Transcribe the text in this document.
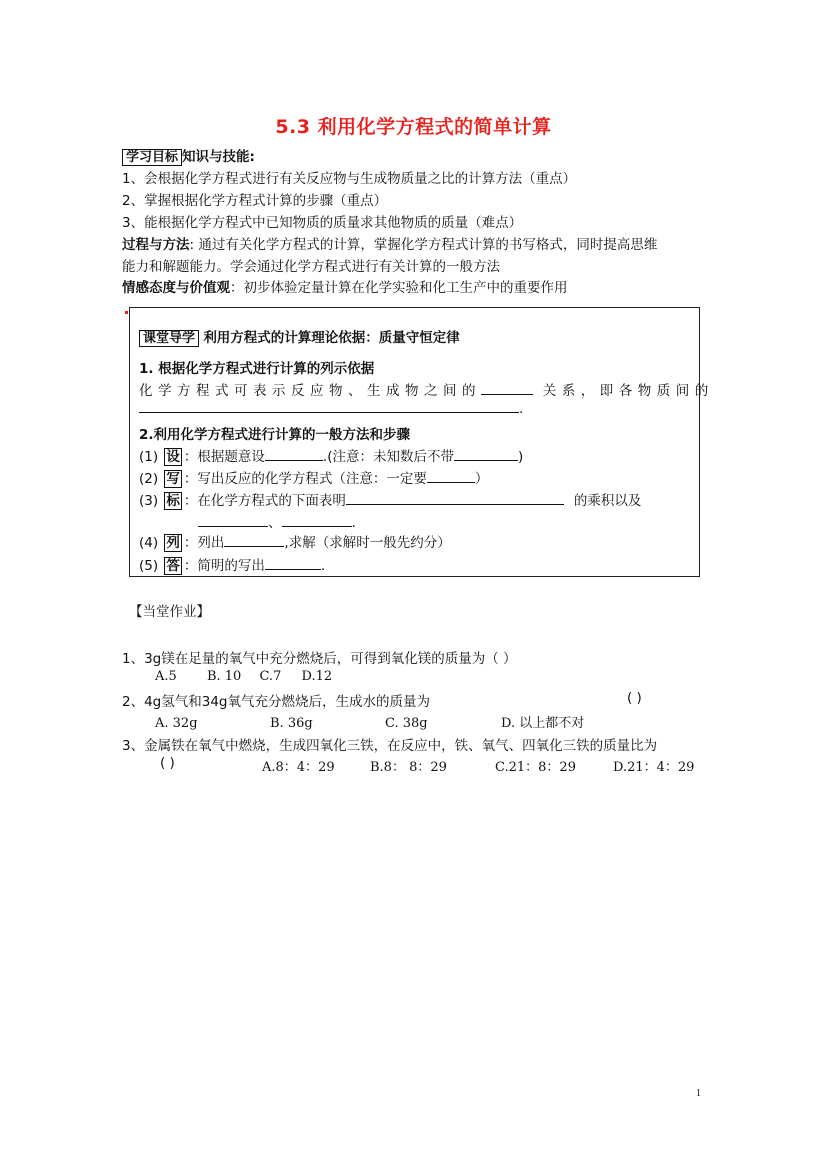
5.3 利用化学方程式的简单计算
学习目标 知识与技能:
1、会根据化学方程式进行有关反应物与生成物质量之比的计算方法（重点）
2、掌握根据化学方程式计算的步骤（重点）
3、能根据化学方程式中已知物质的质量求其他物质的质量（难点）
过程与方法: 通过有关化学方程式的计算，掌握化学方程式计算的书写格式，同时提高思维
能力和解题能力。学会通过化学方程式进行有关计算的一般方法
情感态度与价值观：初步体验定量计算在化学实验和化工生产中的重要作用
课堂导学 利用方程式的计算理论依据：质量守恒定律
1. 根据化学方程式进行计算的列示依据
化学方程式可表示反应物、生成物之间的	关系，即各物质间的
.
2.利用化学方程式进行计算的一般方法和步骤
(1) 设 ：根据题意设	.(注意：未知数后不带	)
(2) 写 ：写出反应的化学方程式（注意：一定要	）
(3) 标 ：在化学方程式的下面表明	的乘积以及
、	.
(4) 列 ：列出	,求解（求解时一般先约分）
(5) 答 ：简明的写出	.
【当堂作业】
1、3g镁在足量的氧气中充分燃烧后，可得到氧化镁的质量为（ ）
A.5 B. 10 C.7 D.12
2、4g氢气和34g氧气充分燃烧后，生成水的质量为	( )
A. 32g	B. 36g	C. 38g	D. 以上都不对
3、金属铁在氧气中燃烧，生成四氧化三铁，在反应中，铁、氧气、四氧化三铁的质量比为
( )	A.8：4：29	B.8： 8：29	C.21：8：29	D.21：4：29
1
